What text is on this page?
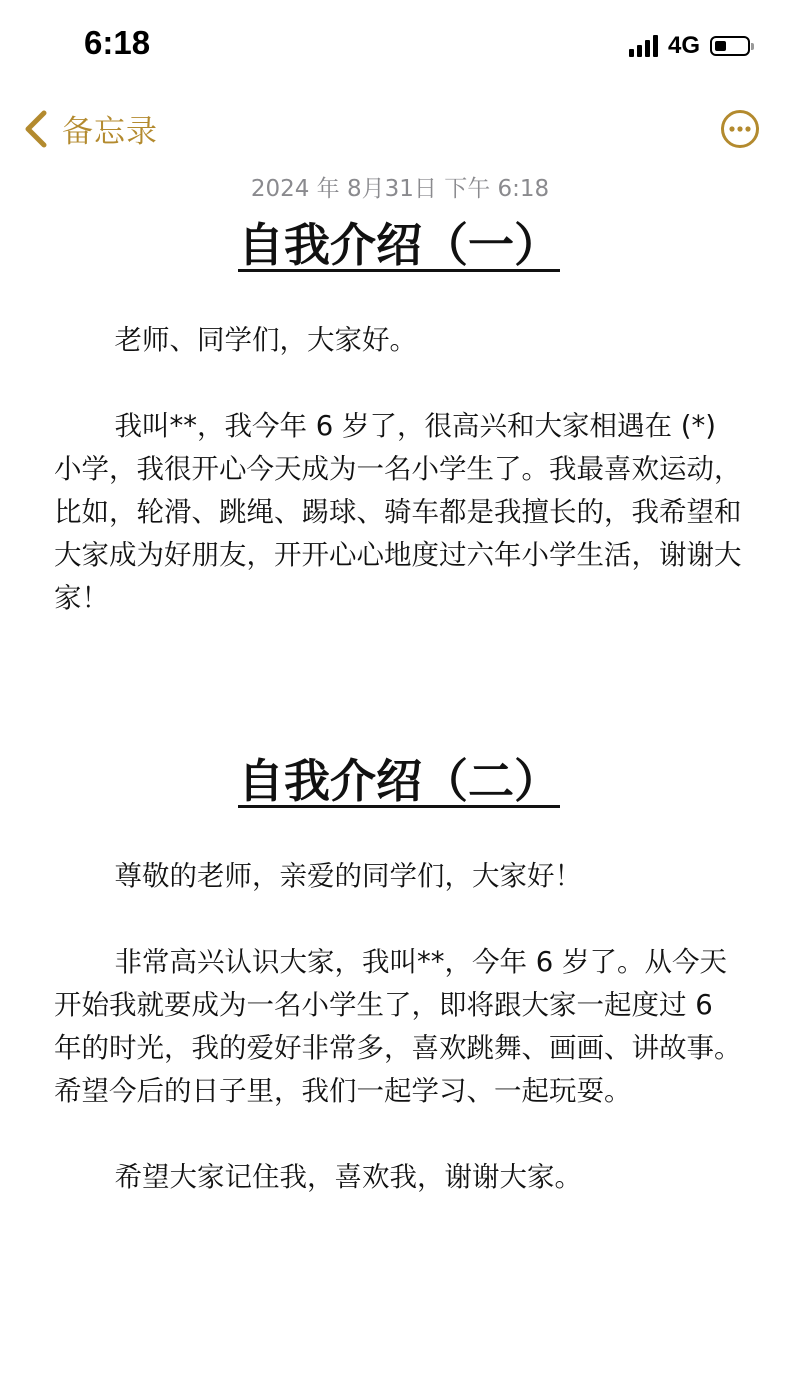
6:18	4G
备忘录
2024 年 8月31日 下午 6:18
自我介绍（一）

老师、同学们，大家好。

我叫**，我今年 6 岁了，很高兴和大家相遇在 (*) 小学，我很开心今天成为一名小学生了。我最喜欢运动，比如，轮滑、跳绳、踢球、骑车都是我擅长的，我希望和大家成为好朋友，开开心心地度过六年小学生活，谢谢大家！

自我介绍（二）

尊敬的老师，亲爱的同学们，大家好！

非常高兴认识大家，我叫**，今年 6 岁了。从今天开始我就要成为一名小学生了，即将跟大家一起度过 6 年的时光，我的爱好非常多，喜欢跳舞、画画、讲故事。希望今后的日子里，我们一起学习、一起玩耍。

希望大家记住我，喜欢我，谢谢大家。
